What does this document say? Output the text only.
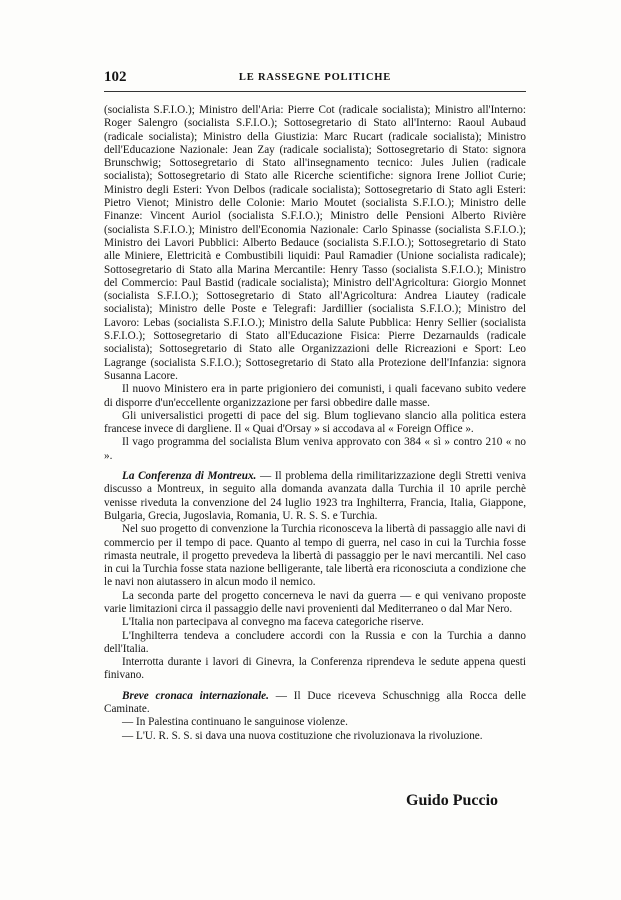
102	LE RASSEGNE POLITICHE

(socialista S.F.I.O.); Ministro dell'Aria: Pierre Cot (radicale socialista); Ministro all'Interno: Roger Salengro (socialista S.F.I.O.); Sottosegretario di Stato all'Interno: Raoul Aubaud (radicale socialista); Ministro della Giustizia: Marc Rucart (radicale socialista); Ministro dell'Educazione Nazionale: Jean Zay (radicale socialista); Sottosegretario di Stato: signora Brunschwig; Sottosegretario di Stato all'insegnamento tecnico: Jules Julien (radicale socialista); Sottosegretario di Stato alle Ricerche scientifiche: signora Irene Jolliot Curie; Ministro degli Esteri: Yvon Delbos (radicale socialista); Sottosegretario di Stato agli Esteri: Pietro Vienot; Ministro delle Colonie: Mario Moutet (socialista S.F.I.O.); Ministro delle Finanze: Vincent Auriol (socialista S.F.I.O.); Ministro delle Pensioni Alberto Rivière (socialista S.F.I.O.); Ministro dell'Economia Nazionale: Carlo Spinasse (socialista S.F.I.O.); Ministro dei Lavori Pubblici: Alberto Bedauce (socialista S.F.I.O.); Sottosegretario di Stato alle Miniere, Elettricità e Combustibili liquidi: Paul Ramadier (Unione socialista radicale); Sottosegretario di Stato alla Marina Mercantile: Henry Tasso (socialista S.F.I.O.); Ministro del Commercio: Paul Bastid (radicale socialista); Ministro dell'Agricoltura: Giorgio Monnet (socialista S.F.I.O.); Sottosegretario di Stato all'Agricoltura: Andrea Liautey (radicale socialista); Ministro delle Poste e Telegrafi: Jardillier (socialista S.F.I.O.); Ministro del Lavoro: Lebas (socialista S.F.I.O.); Ministro della Salute Pubblica: Henry Sellier (socialista S.F.I.O.); Sottosegretario di Stato all'Educazione Fisica: Pierre Dezarnaulds (radicale socialista); Sottosegretario di Stato alle Organizzazioni delle Ricreazioni e Sport: Leo Lagrange (socialista S.F.I.O.); Sottosegretario di Stato alla Protezione dell'Infanzia: signora Susanna Lacore.

Il nuovo Ministero era in parte prigioniero dei comunisti, i quali facevano subito vedere di disporre d'un'eccellente organizzazione per farsi obbedire dalle masse.

Gli universalistici progetti di pace del sig. Blum toglievano slancio alla politica estera francese invece di dargliene. Il « Quai d'Orsay » si accodava al « Foreign Office ».

Il vago programma del socialista Blum veniva approvato con 384 « sì » contro 210 « no ».

La Conferenza di Montreux. — Il problema della rimilitarizzazione degli Stretti veniva discusso a Montreux, in seguito alla domanda avanzata dalla Turchia il 10 aprile perchè venisse riveduta la convenzione del 24 luglio 1923 tra Inghilterra, Francia, Italia, Giappone, Bulgaria, Grecia, Jugoslavia, Romania, U. R. S. S. e Turchia.

Nel suo progetto di convenzione la Turchia riconosceva la libertà di passaggio alle navi di commercio per il tempo di pace. Quanto al tempo di guerra, nel caso in cui la Turchia fosse rimasta neutrale, il progetto prevedeva la libertà di passaggio per le navi mercantili. Nel caso in cui la Turchia fosse stata nazione belligerante, tale libertà era riconosciuta a condizione che le navi non aiutassero in alcun modo il nemico.

La seconda parte del progetto concerneva le navi da guerra — e qui venivano proposte varie limitazioni circa il passaggio delle navi provenienti dal Mediterraneo o dal Mar Nero.

L'Italia non partecipava al convegno ma faceva categoriche riserve.

L'Inghilterra tendeva a concludere accordi con la Russia e con la Turchia a danno dell'Italia.

Interrotta durante i lavori di Ginevra, la Conferenza riprendeva le sedute appena questi finivano.

Breve cronaca internazionale. — Il Duce riceveva Schuschnigg alla Rocca delle Caminate.

— In Palestina continuano le sanguinose violenze.

— L'U. R. S. S. si dava una nuova costituzione che rivoluzionava la rivoluzione.

Guido Puccio
